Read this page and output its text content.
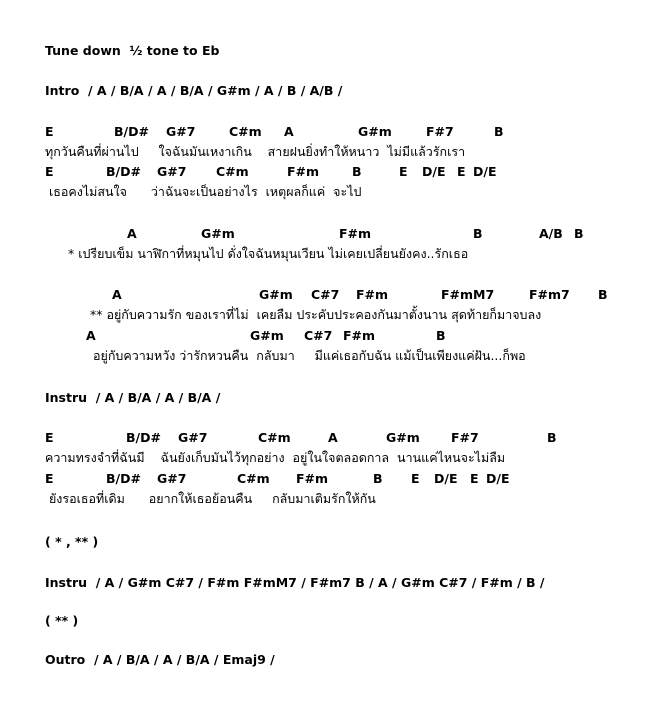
Tune down  ½ tone to Eb
Intro  / A / B/A / A / B/A / G#m / A / B / A/B /
E	B/D# G#7	C#m A	G#m	F#7	B
ทุกวันคืนที่ผ่านไป     ใจฉันมันเหงาเกิน    สายฝนยิ่งทำให้หนาว  ไม่มีแล้วรักเรา
E	B/D# G#7 C#m	F#m	B	E D/E E D/E
เธอคงไม่สนใจ      ว่าฉันจะเป็นอย่างไร  เหตุผลก็แค่  จะไป
A	G#m	F#m	B	A/B B
* เปรียบเข็ม นาฬิกาที่หมุนไป ดั่งใจฉันหมุนเวียน ไม่เคยเปลี่ยนยังคง..รักเธอ
A	G#m C#7 F#m	F#mM7	F#m7 B
** อยู่กับความรัก ของเราที่ไม่  เคยลืม ประคับประคองกันมาตั้งนาน สุดท้ายก็มาจบลง
A	G#m C#7 F#m	B
อยู่กับความหวัง ว่ารักหวนคืน  กลับมา     มีแค่เธอกับฉัน แม้เป็นเพียงแค่ฝัน...ก็พอ
Instru  / A / B/A / A / B/A /
E	B/D# G#7	C#m	A	G#m F#7	B
ความทรงจำที่ฉันมี    ฉันยังเก็บมันไว้ทุกอย่าง  อยู่ในใจตลอดกาล  นานแค่ไหนจะไม่ลืม
E	B/D# G#7	C#m F#m	B E D/E E D/E
ยังรอเธอที่เดิม      อยากให้เธอย้อนคืน     กลับมาเติมรักให้กัน
( * , ** )
Instru  / A / G#m C#7 / F#m F#mM7 / F#m7 B / A / G#m C#7 / F#m / B /
( ** )
Outro  / A / B/A / A / B/A / Emaj9 /
